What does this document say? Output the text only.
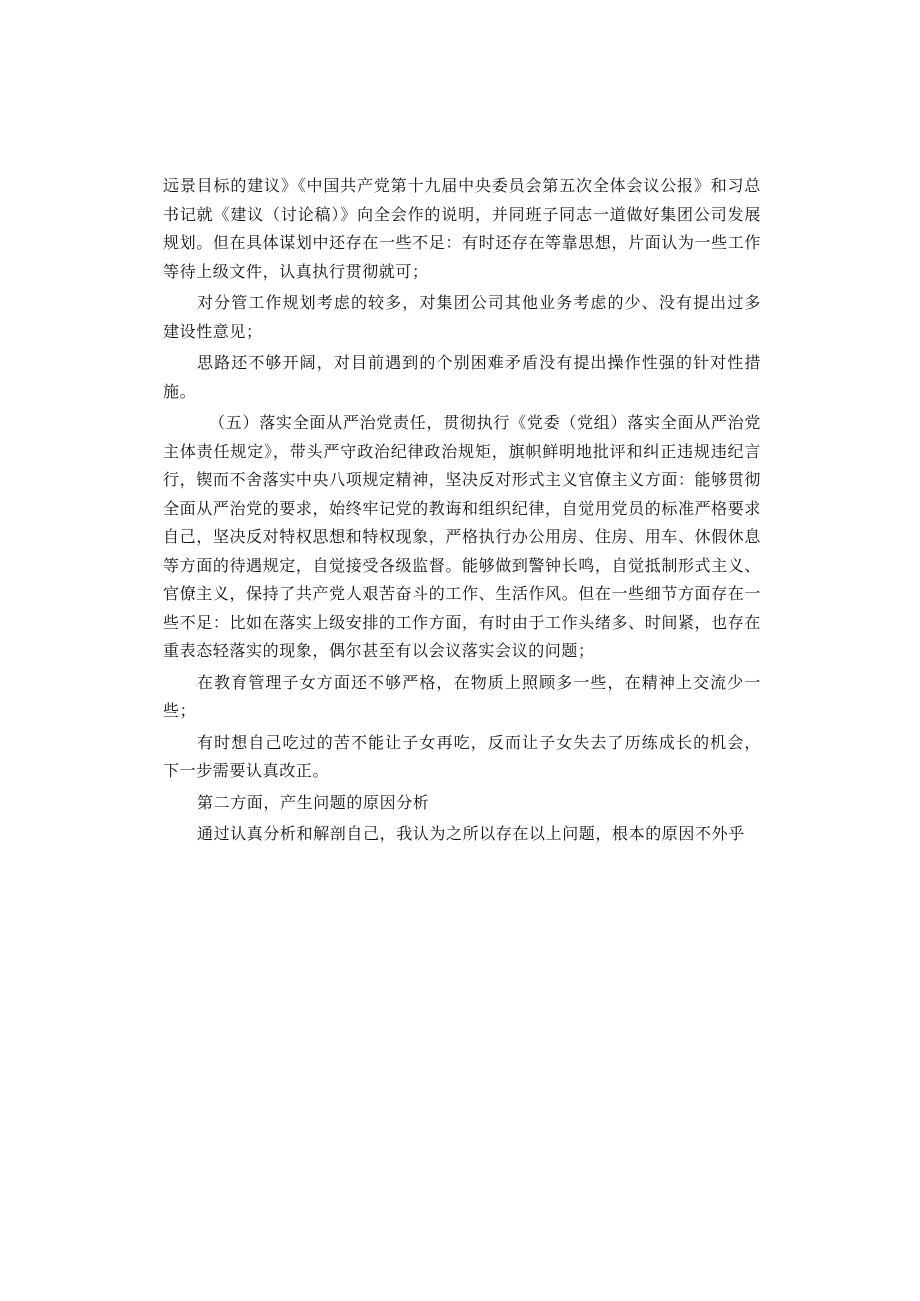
远景目标的建议》《中国共产党第十九届中央委员会第五次全体会议公报》和习总书记就《建议（讨论稿）》向全会作的说明，并同班子同志一道做好集团公司发展规划。但在具体谋划中还存在一些不足：有时还存在等靠思想，片面认为一些工作等待上级文件，认真执行贯彻就可；

对分管工作规划考虑的较多，对集团公司其他业务考虑的少、没有提出过多建设性意见；

思路还不够开阔，对目前遇到的个别困难矛盾没有提出操作性强的针对性措施。

（五）落实全面从严治党责任，贯彻执行《党委（党组）落实全面从严治党主体责任规定》，带头严守政治纪律政治规矩，旗帜鲜明地批评和纠正违规违纪言行，锲而不舍落实中央八项规定精神，坚决反对形式主义官僚主义方面：能够贯彻全面从严治党的要求，始终牢记党的教诲和组织纪律，自觉用党员的标准严格要求自己，坚决反对特权思想和特权现象，严格执行办公用房、住房、用车、休假休息等方面的待遇规定，自觉接受各级监督。能够做到警钟长鸣，自觉抵制形式主义、官僚主义，保持了共产党人艰苦奋斗的工作、生活作风。但在一些细节方面存在一些不足：比如在落实上级安排的工作方面，有时由于工作头绪多、时间紧，也存在重表态轻落实的现象，偶尔甚至有以会议落实会议的问题；

在教育管理子女方面还不够严格，在物质上照顾多一些，在精神上交流少一些；

有时想自己吃过的苦不能让子女再吃，反而让子女失去了历练成长的机会，下一步需要认真改正。

第二方面，产生问题的原因分析

通过认真分析和解剖自己，我认为之所以存在以上问题，根本的原因不外乎
